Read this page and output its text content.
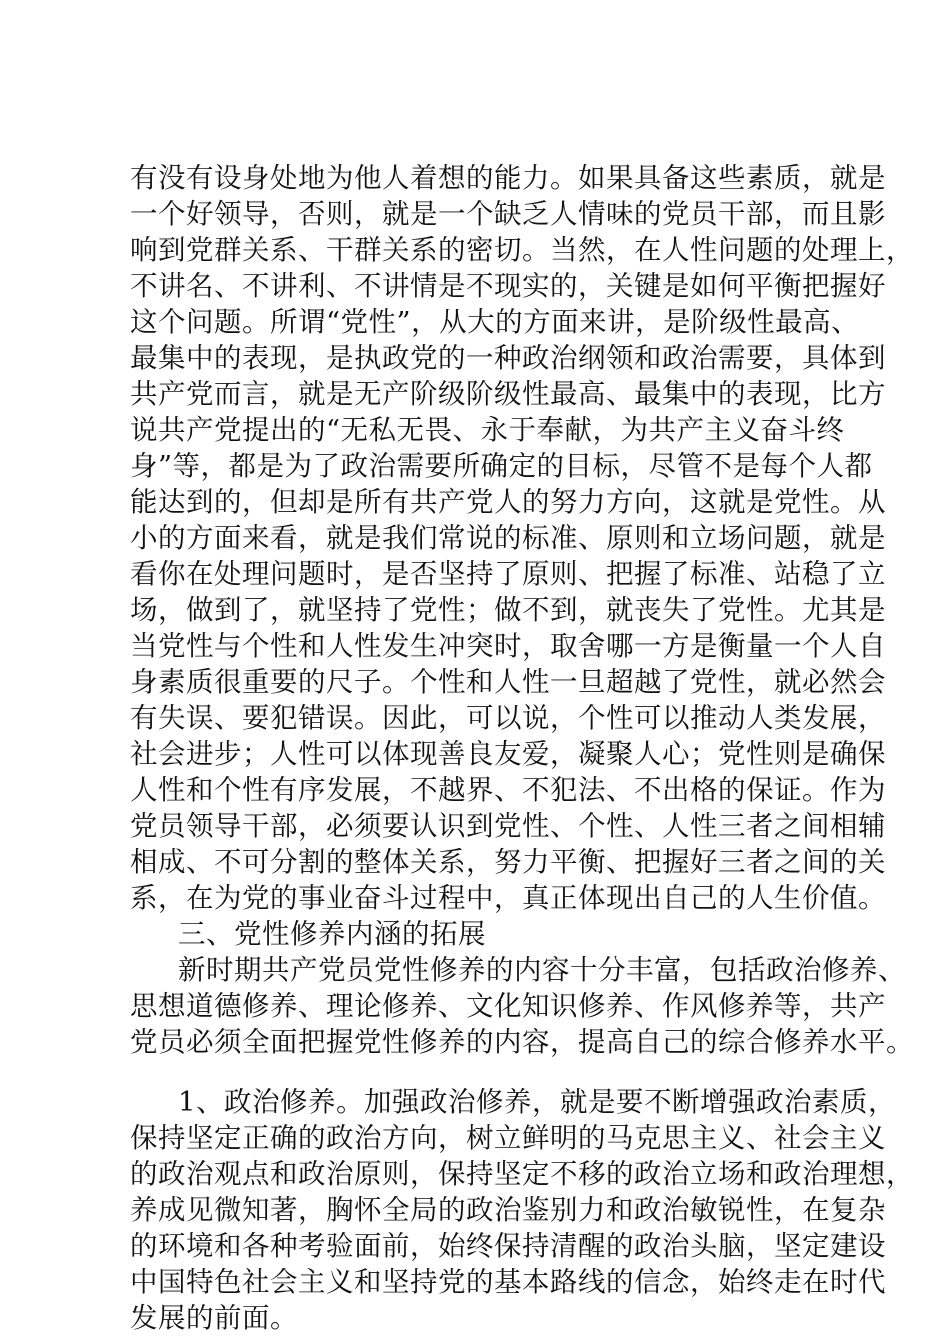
有没有设身处地为他人着想的能力。如果具备这些素质，就是
一个好领导，否则，就是一个缺乏人情味的党员干部，而且影
响到党群关系、干群关系的密切。当然，在人性问题的处理上，
不讲名、不讲利、不讲情是不现实的，关键是如何平衡把握好
这个问题。所谓“党性”，从大的方面来讲，是阶级性最高、
最集中的表现，是执政党的一种政治纲领和政治需要，具体到
共产党而言，就是无产阶级阶级性最高、最集中的表现，比方
说共产党提出的“无私无畏、永于奉献，为共产主义奋斗终
身”等，都是为了政治需要所确定的目标，尽管不是每个人都
能达到的，但却是所有共产党人的努力方向，这就是党性。从
小的方面来看，就是我们常说的标准、原则和立场问题，就是
看你在处理问题时，是否坚持了原则、把握了标准、站稳了立
场，做到了，就坚持了党性；做不到，就丧失了党性。尤其是
当党性与个性和人性发生冲突时，取舍哪一方是衡量一个人自
身素质很重要的尺子。个性和人性一旦超越了党性，就必然会
有失误、要犯错误。因此，可以说，个性可以推动人类发展，
社会进步；人性可以体现善良友爱，凝聚人心；党性则是确保
人性和个性有序发展，不越界、不犯法、不出格的保证。作为
党员领导干部，必须要认识到党性、个性、人性三者之间相辅
相成、不可分割的整体关系，努力平衡、把握好三者之间的关
系，在为党的事业奋斗过程中，真正体现出自己的人生价值。
三、党性修养内涵的拓展
新时期共产党员党性修养的内容十分丰富，包括政治修养、
思想道德修养、理论修养、文化知识修养、作风修养等，共产
党员必须全面把握党性修养的内容，提高自己的综合修养水平。
1、政治修养。加强政治修养，就是要不断增强政治素质，
保持坚定正确的政治方向，树立鲜明的马克思主义、社会主义
的政治观点和政治原则，保持坚定不移的政治立场和政治理想，
养成见微知著，胸怀全局的政治鉴别力和政治敏锐性，在复杂
的环境和各种考验面前，始终保持清醒的政治头脑，坚定建设
中国特色社会主义和坚持党的基本路线的信念，始终走在时代
发展的前面。
